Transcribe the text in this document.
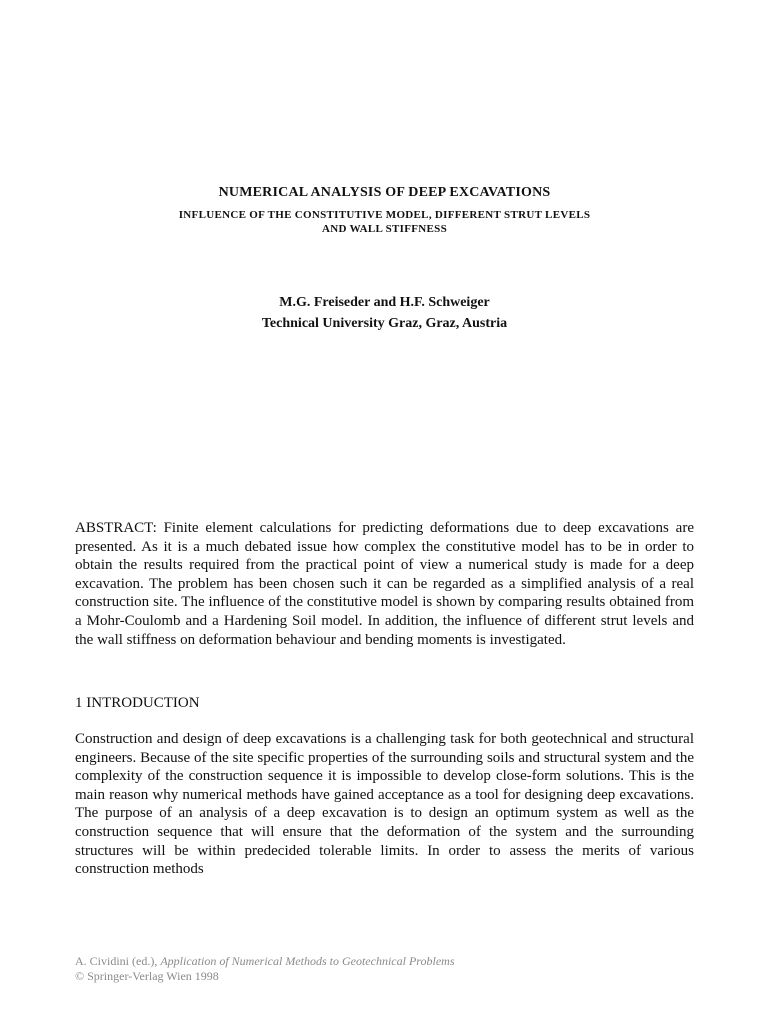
NUMERICAL ANALYSIS OF DEEP EXCAVATIONS
INFLUENCE OF THE CONSTITUTIVE MODEL, DIFFERENT STRUT LEVELS
AND WALL STIFFNESS
M.G. Freiseder and H.F. Schweiger
Technical University Graz, Graz, Austria

ABSTRACT: Finite element calculations for predicting deformations due to deep excavations are presented. As it is a much debated issue how complex the constitutive model has to be in order to obtain the results required from the practical point of view a numerical study is made for a deep excavation. The problem has been chosen such it can be regarded as a simplified analysis of a real construction site. The influence of the constitutive model is shown by comparing results obtained from a Mohr-Coulomb and a Hardening Soil model. In addition, the influence of different strut levels and the wall stiffness on deformation behaviour and bending moments is investigated.

1 INTRODUCTION

Construction and design of deep excavations is a challenging task for both geotechnical and structural engineers. Because of the site specific properties of the surrounding soils and structural system and the complexity of the construction sequence it is impossible to develop close-form solutions. This is the main reason why numerical methods have gained acceptance as a tool for designing deep excavations. The purpose of an analysis of a deep excavation is to design an optimum system as well as the construction sequence that will ensure that the deformation of the system and the surrounding structures will be within predecided tolerable limits. In order to assess the merits of various construction methods

A. Cividini (ed.), Application of Numerical Methods to Geotechnical Problems
© Springer-Verlag Wien 1998
